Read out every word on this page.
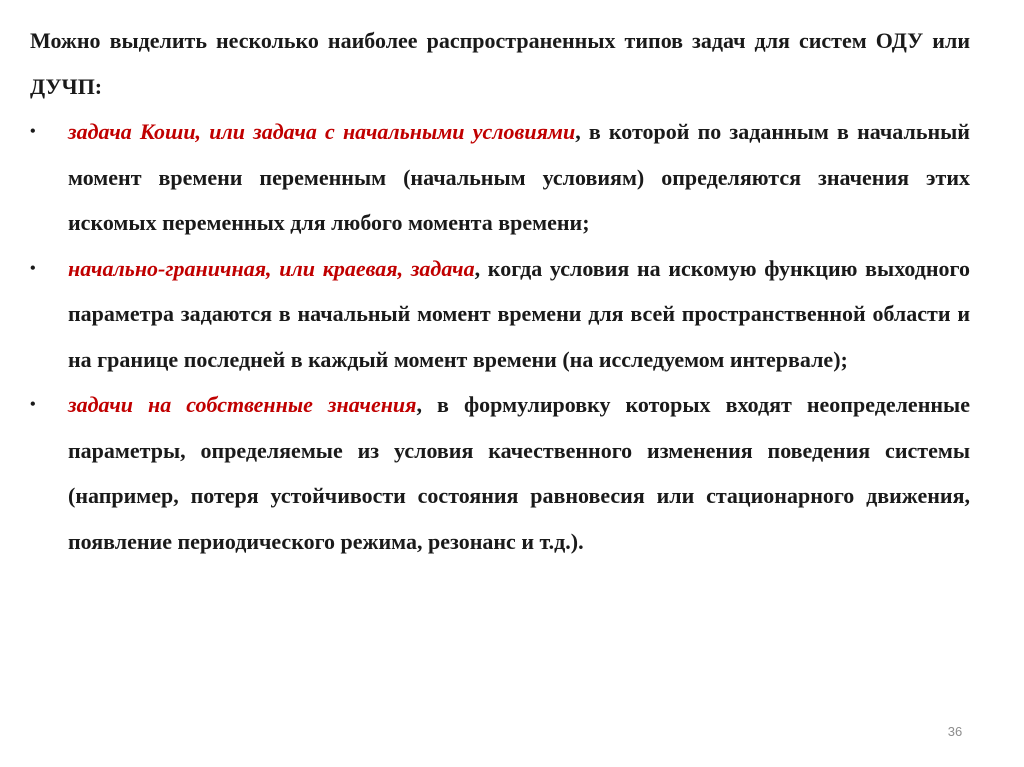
Можно выделить несколько наиболее распространенных типов задач для систем ОДУ или ДУЧП:

•	задача Коши, или задача с начальными условиями, в которой по заданным в начальный момент времени переменным (начальным условиям) определяются значения этих искомых переменных для любого момента времени;

•	начально-граничная, или краевая, задача, когда условия на искомую функцию выходного параметра задаются в начальный момент времени для всей пространственной области и на границе последней в каждый момент времени (на исследуемом интервале);

•	задачи на собственные значения, в формулировку которых входят неопределенные параметры, определяемые из условия качественного изменения поведения системы (например, потеря устойчивости состояния равновесия или стационарного движения, появление периодического режима, резонанс и т.д.).

36
